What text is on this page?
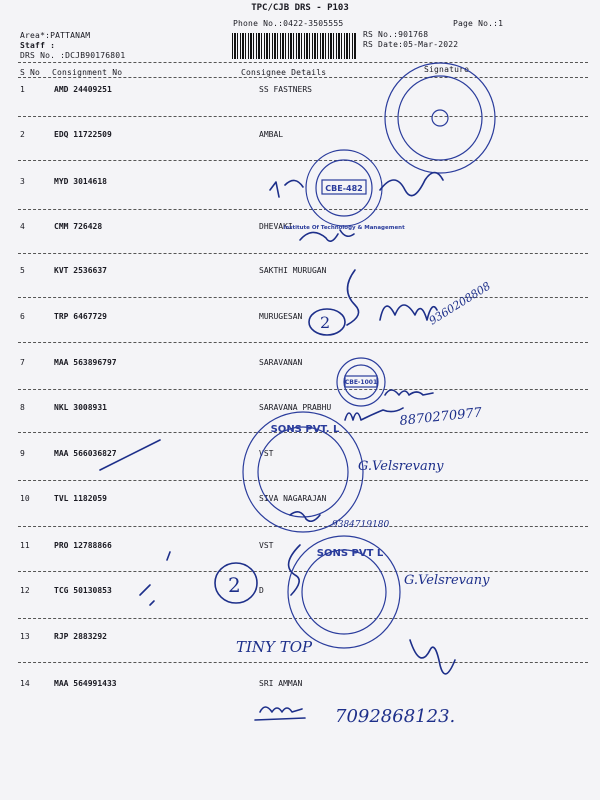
TPC/CJB DRS - P103
Phone No.:0422-3505555	Page No.:1
Area*:PATTANAM
Staff :
DRS No. :DCJB90176801
RS No.:901768
RS Date:05-Mar-2022
S No Consignment No	Consignee Details	Signature
1	AMD 24409251	SS FASTNERS
2	EDQ 11722509	AMBAL
3	MYD 3014618
4	CMM 726428	DHEVAKI
5	KVT 2536637	SAKTHI MURUGAN
6	TRP 6467729	MURUGESAN
7	MAA 563896797	SARAVANAN
8	NKL 3008931	SARAVANA PRABHU
9	MAA 566036827	VST
10	TVL 1182059	SIVA NAGARAJAN
11	PRO 12788866	VST
12	TCG 50130853	D
13	RJP 2883292
14	MAA 564991433	SRI AMMAN
CBE-482
Institute Of Technology & Management
CBE-1001
SONS PVT. L
SONS PVT L
2	9360208808
8870270977
G.Velsrevany
9384719180
2	G.Velsrevany
TINY TOP
7092868123.
